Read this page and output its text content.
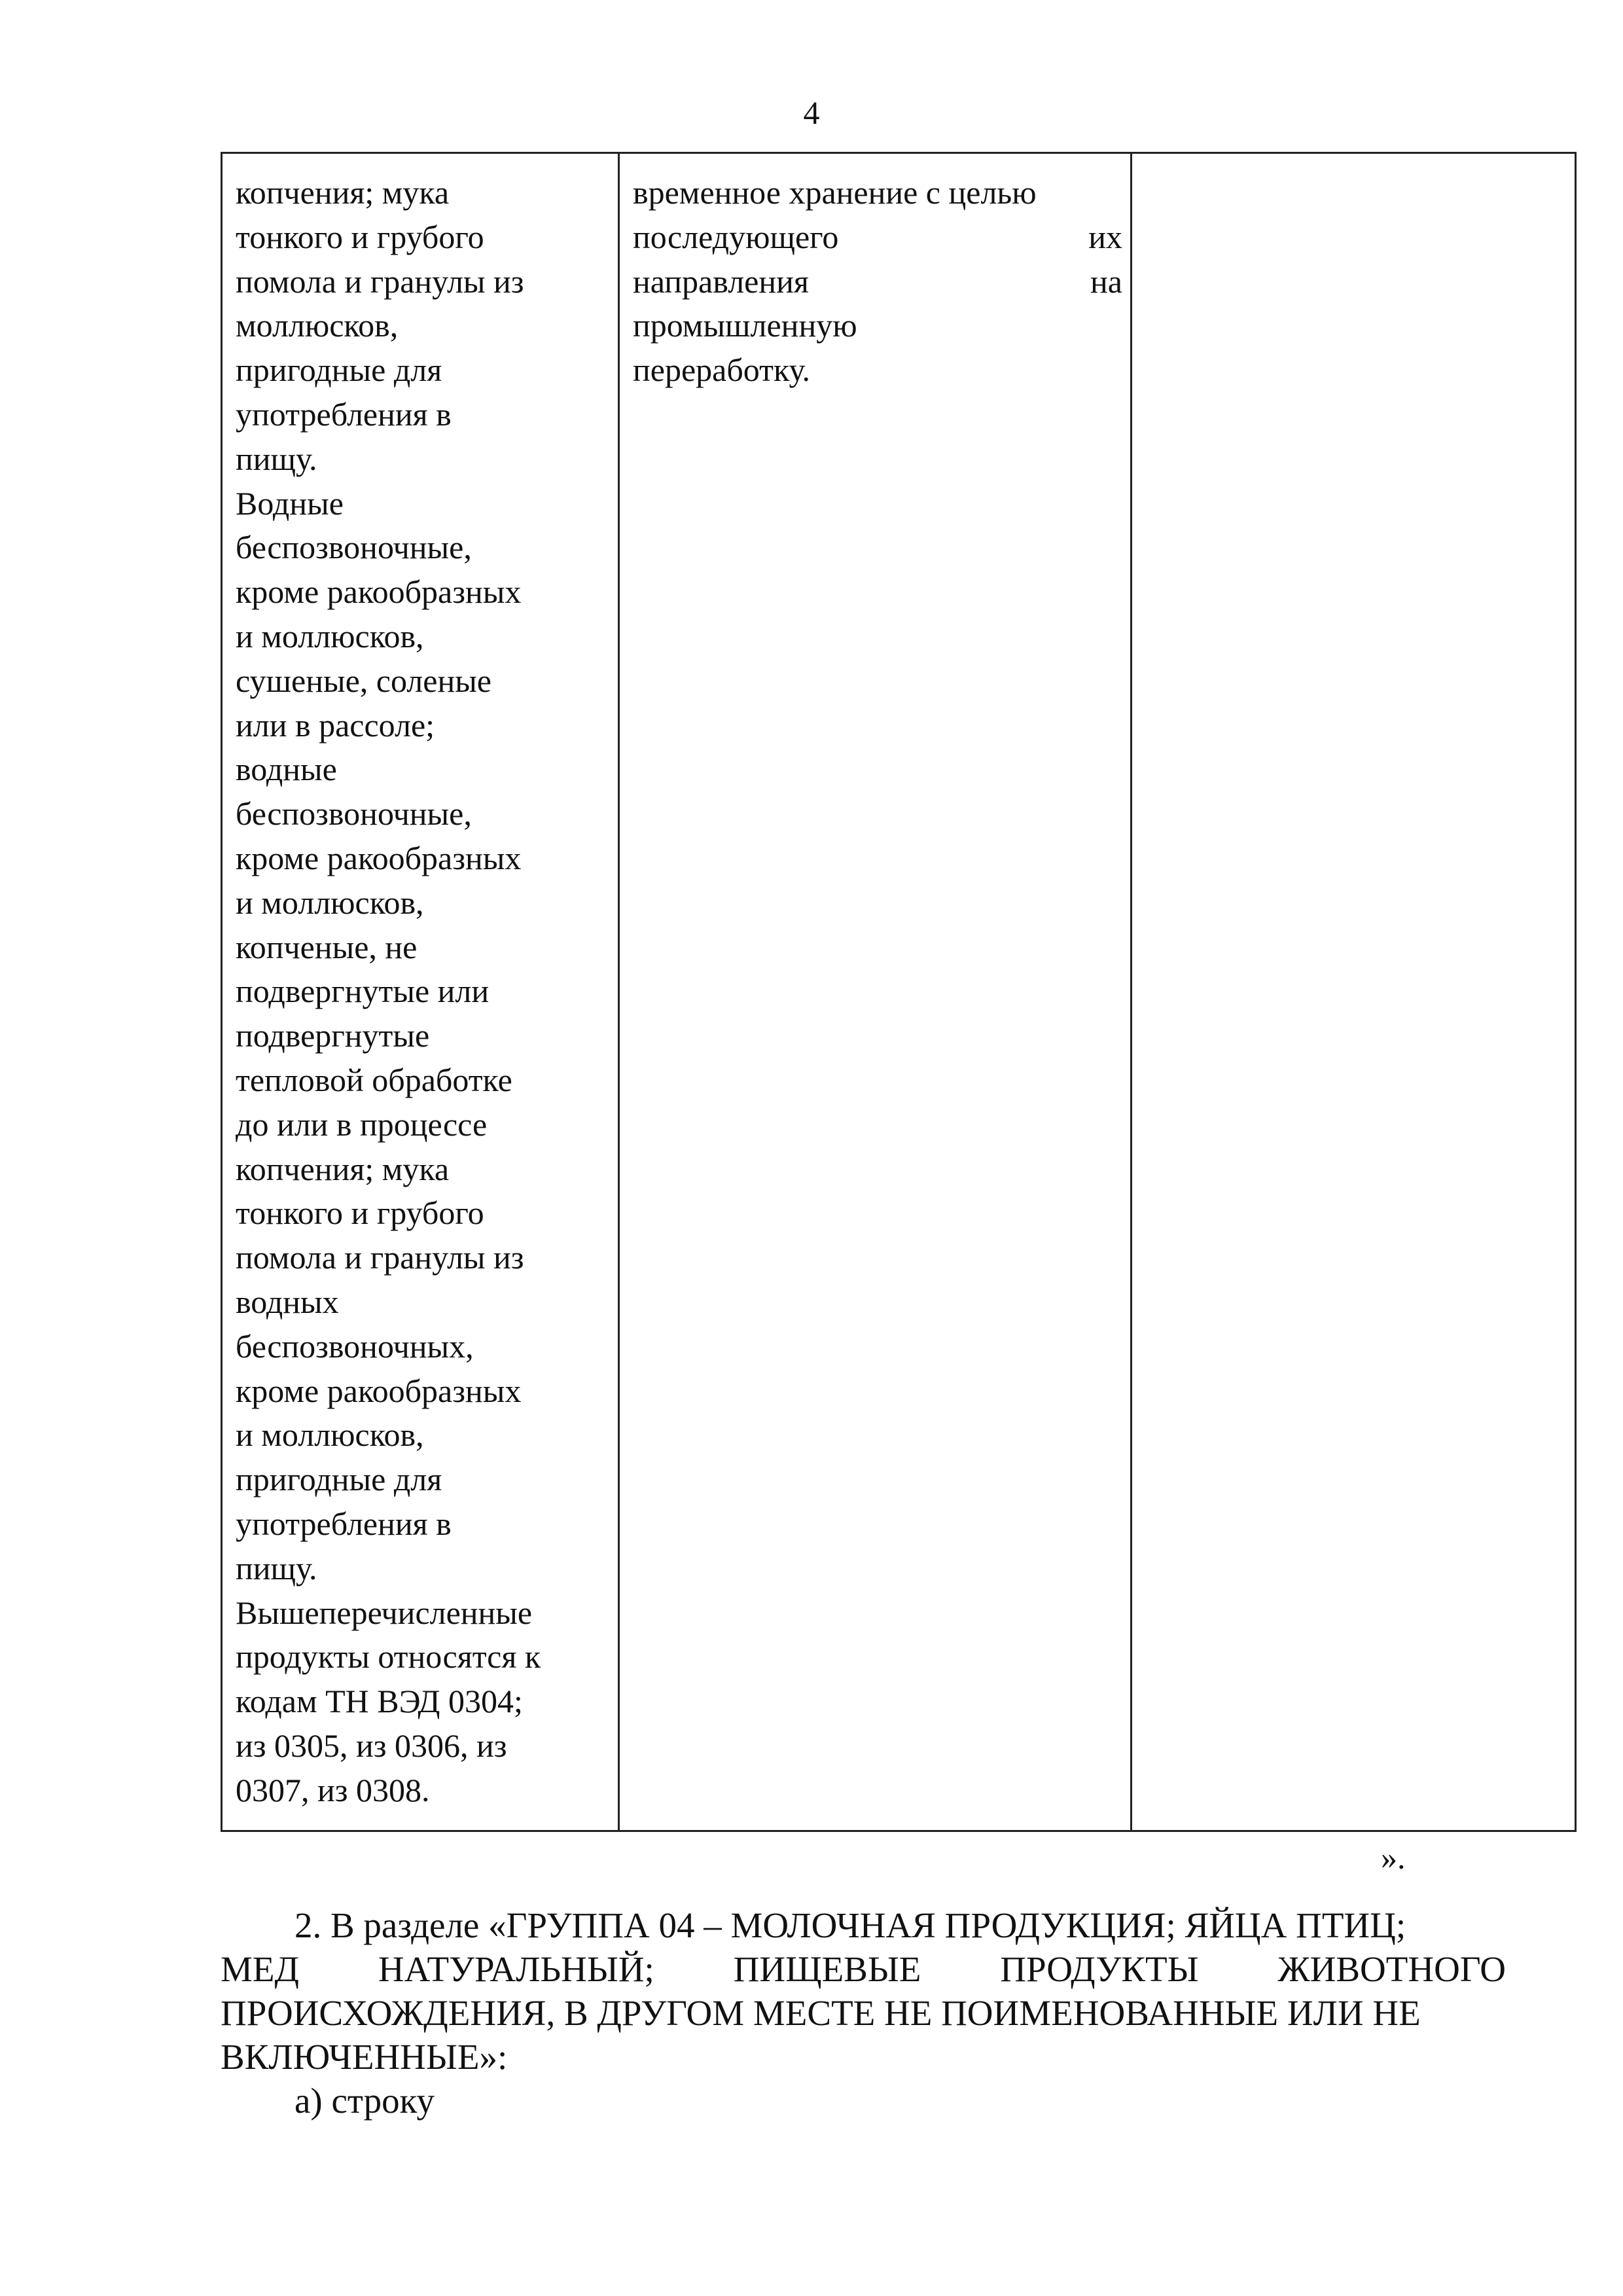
4
копчения; мука
тонкого и грубого
помола и гранулы из
моллюсков,
пригодные для
употребления в
пищу.
Водные
беспозвоночные,
кроме ракообразных
и моллюсков,
сушеные, соленые
или в рассоле;
водные
беспозвоночные,
кроме ракообразных
и моллюсков,
копченые, не
подвергнутые или
подвергнутые
тепловой обработке
до или в процессе
копчения; мука
тонкого и грубого
помола и гранулы из
водных
беспозвоночных,
кроме ракообразных
и моллюсков,
пригодные для
употребления в
пищу.
Вышеперечисленные
продукты относятся к
кодам ТН ВЭД 0304;
из 0305, из 0306, из
0307, из 0308.

временное хранение с целью
последующего	их
направления	на
промышленную
переработку.

».
2. В разделе «ГРУППА 04 – МОЛОЧНАЯ ПРОДУКЦИЯ; ЯЙЦА ПТИЦ;
МЕД НАТУРАЛЬНЫЙ; ПИЩЕВЫЕ ПРОДУКТЫ ЖИВОТНОГО
ПРОИСХОЖДЕНИЯ, В ДРУГОМ МЕСТЕ НЕ ПОИМЕНОВАННЫЕ ИЛИ НЕ
ВКЛЮЧЕННЫЕ»:
а) строку
